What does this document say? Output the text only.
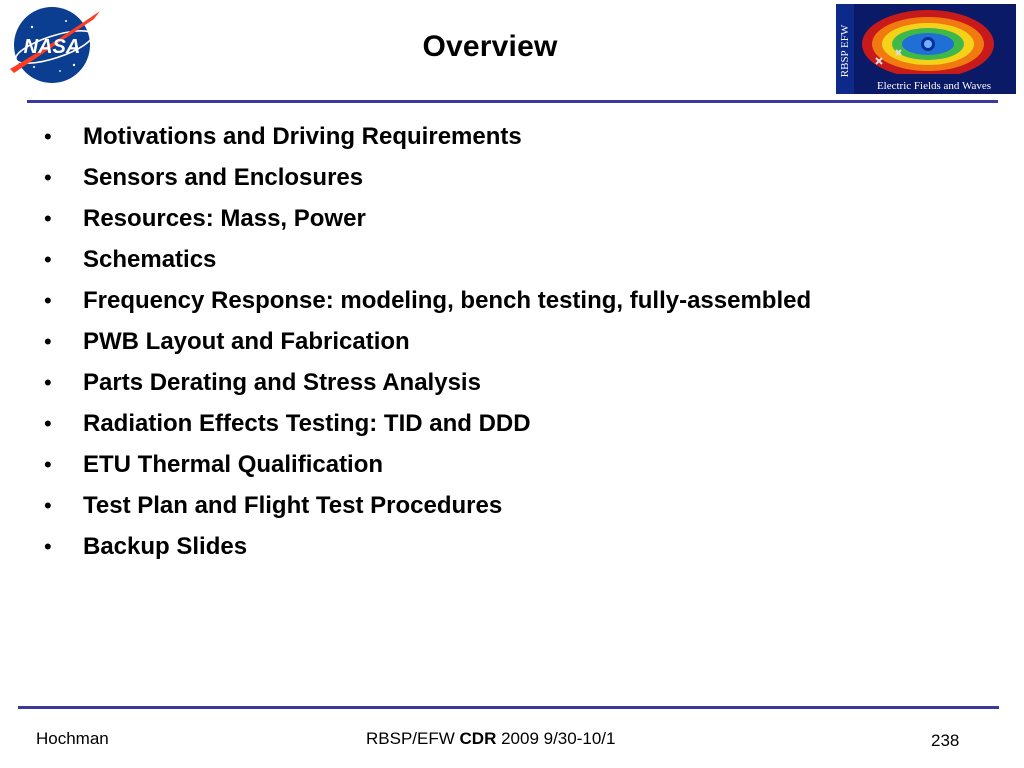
NASA	Overview
Electric Fields and Waves
RBSP EFW
• Motivations and Driving Requirements
• Sensors and Enclosures
• Resources: Mass, Power
• Schematics
• Frequency Response: modeling, bench testing, fully-assembled
• PWB Layout and Fabrication
• Parts Derating and Stress Analysis
• Radiation Effects Testing: TID and DDD
• ETU Thermal Qualification
• Test Plan and Flight Test Procedures
• Backup Slides
Hochman	RBSP/EFW CDR 2009 9/30-10/1	238
